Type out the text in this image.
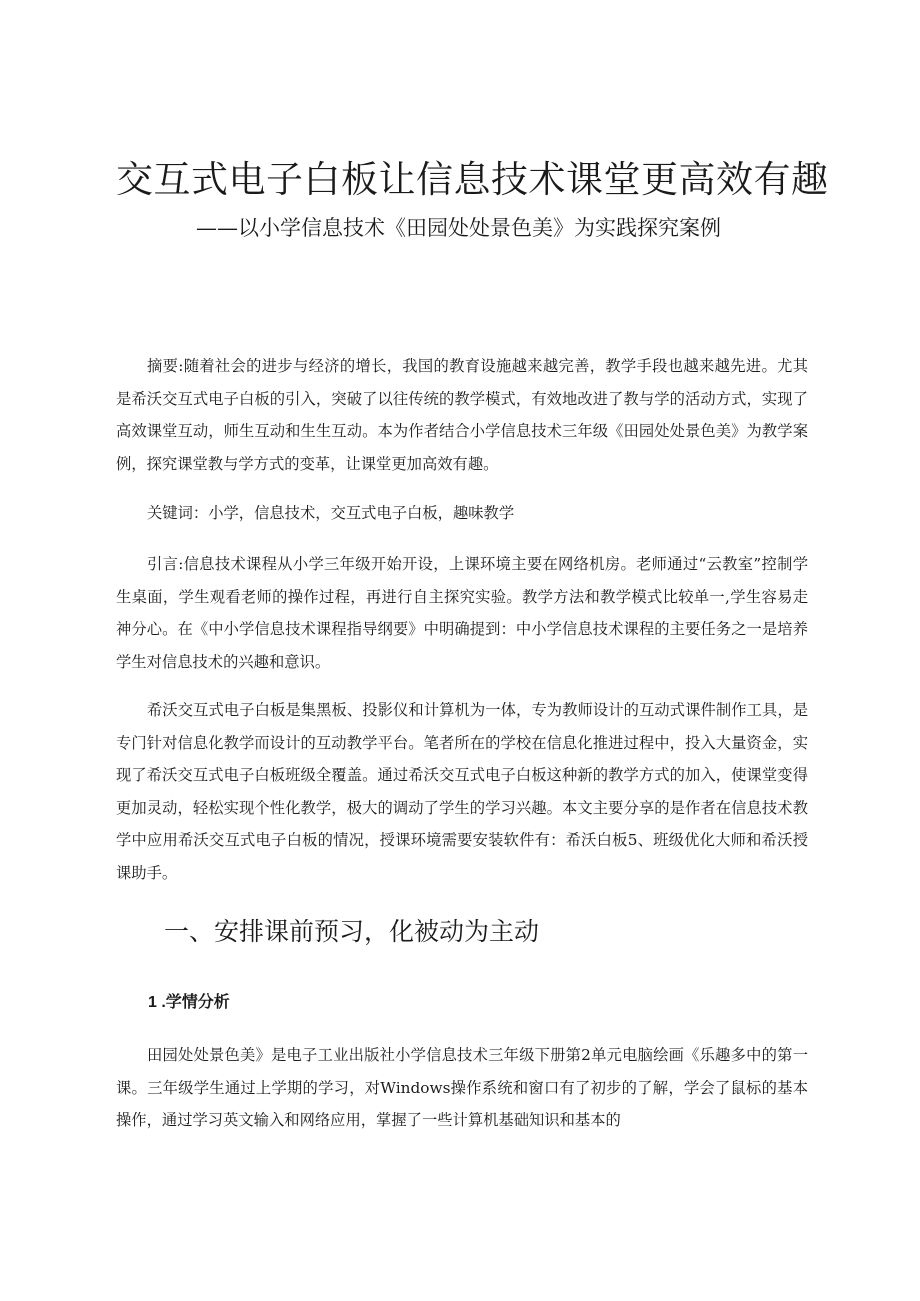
交互式电子白板让信息技术课堂更高效有趣

——以小学信息技术《田园处处景色美》为实践探究案例

摘要:随着社会的进步与经济的增长，我国的教育设施越来越完善，教学手段也越来越先进。尤其是希沃交互式电子白板的引入，突破了以往传统的教学模式，有效地改进了教与学的活动方式，实现了高效课堂互动，师生互动和生生互动。本为作者结合小学信息技术三年级《田园处处景色美》为教学案例，探究课堂教与学方式的变革，让课堂更加高效有趣。

关键词：小学，信息技术，交互式电子白板，趣味教学

引言:信息技术课程从小学三年级开始开设，上课环境主要在网络机房。老师通过“云教室”控制学生桌面，学生观看老师的操作过程，再进行自主探究实验。教学方法和教学模式比较单一,学生容易走神分心。在《中小学信息技术课程指导纲要》中明确提到：中小学信息技术课程的主要任务之一是培养学生对信息技术的兴趣和意识。

希沃交互式电子白板是集黑板、投影仪和计算机为一体，专为教师设计的互动式课件制作工具，是专门针对信息化教学而设计的互动教学平台。笔者所在的学校在信息化推进过程中，投入大量资金，实现了希沃交互式电子白板班级全覆盖。通过希沃交互式电子白板这种新的教学方式的加入，使课堂变得更加灵动，轻松实现个性化教学，极大的调动了学生的学习兴趣。本文主要分享的是作者在信息技术教学中应用希沃交互式电子白板的情况，授课环境需要安装软件有：希沃白板5、班级优化大师和希沃授课助手。

一、安排课前预习，化被动为主动
1 .学情分析

田园处处景色美》是电子工业出版社小学信息技术三年级下册第2单元电脑绘画《乐趣多中的第一课。三年级学生通过上学期的学习，对Windows操作系统和窗口有了初步的了解，学会了鼠标的基本操作，通过学习英文输入和网络应用，掌握了一些计算机基础知识和基本的
